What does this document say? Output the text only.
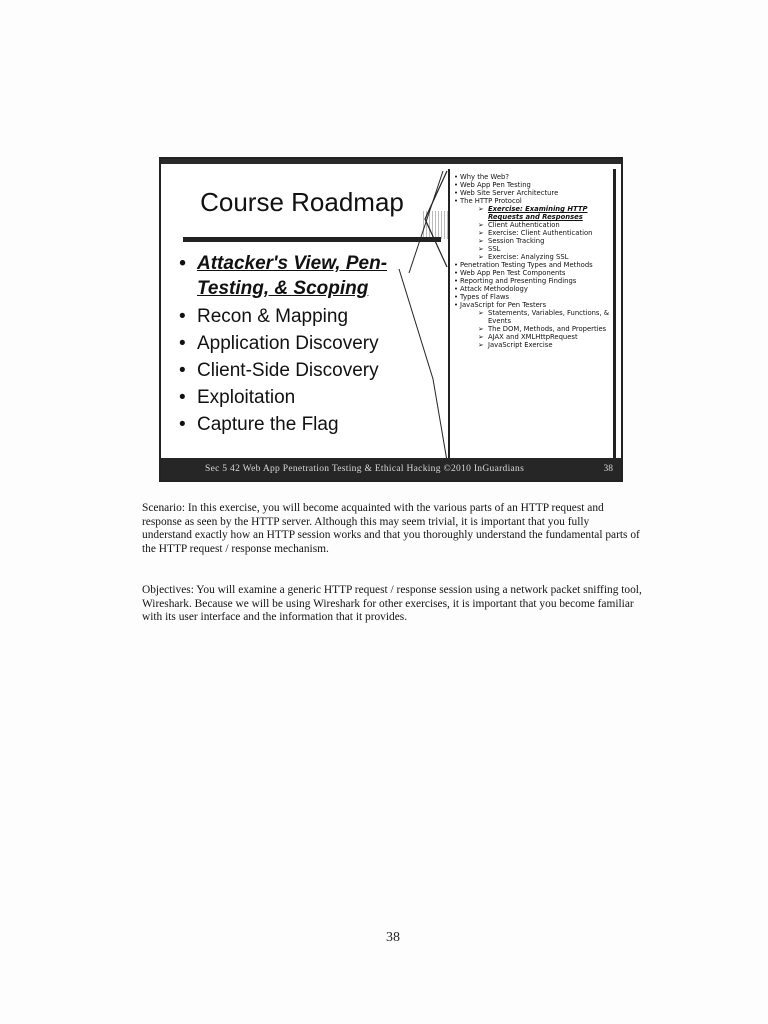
Course Roadmap
• Attacker's View, Pen-Testing, & Scoping
• Recon & Mapping
• Application Discovery
• Client-Side Discovery
• Exploitation
• Capture the Flag
• Why the Web?
• Web App Pen Testing
• Web Site Server Architecture
• The HTTP Protocol
➢ Exercise: Examining HTTP Requests and Responses
➢ Client Authentication
➢ Exercise: Client Authentication
➢ Session Tracking
➢ SSL
➢ Exercise: Analyzing SSL
• Penetration Testing Types and Methods
• Web App Pen Test Components
• Reporting and Presenting Findings
• Attack Methodology
• Types of Flaws
• JavaScript for Pen Testers
➢ Statements, Variables, Functions, & Events
➢ The DOM, Methods, and Properties
➢ AJAX and XMLHttpRequest
➢ JavaScript Exercise
Sec 5 42 Web App Penetration Testing & Ethical Hacking ©2010 InGuardians	38

Scenario: In this exercise, you will become acquainted with the various parts of an HTTP request and response as seen by the HTTP server. Although this may seem trivial, it is important that you fully understand exactly how an HTTP session works and that you thoroughly understand the fundamental parts of the HTTP request / response mechanism.

Objectives: You will examine a generic HTTP request / response session using a network packet sniffing tool, Wireshark. Because we will be using Wireshark for other exercises, it is important that you become familiar with its user interface and the information that it provides.

38
